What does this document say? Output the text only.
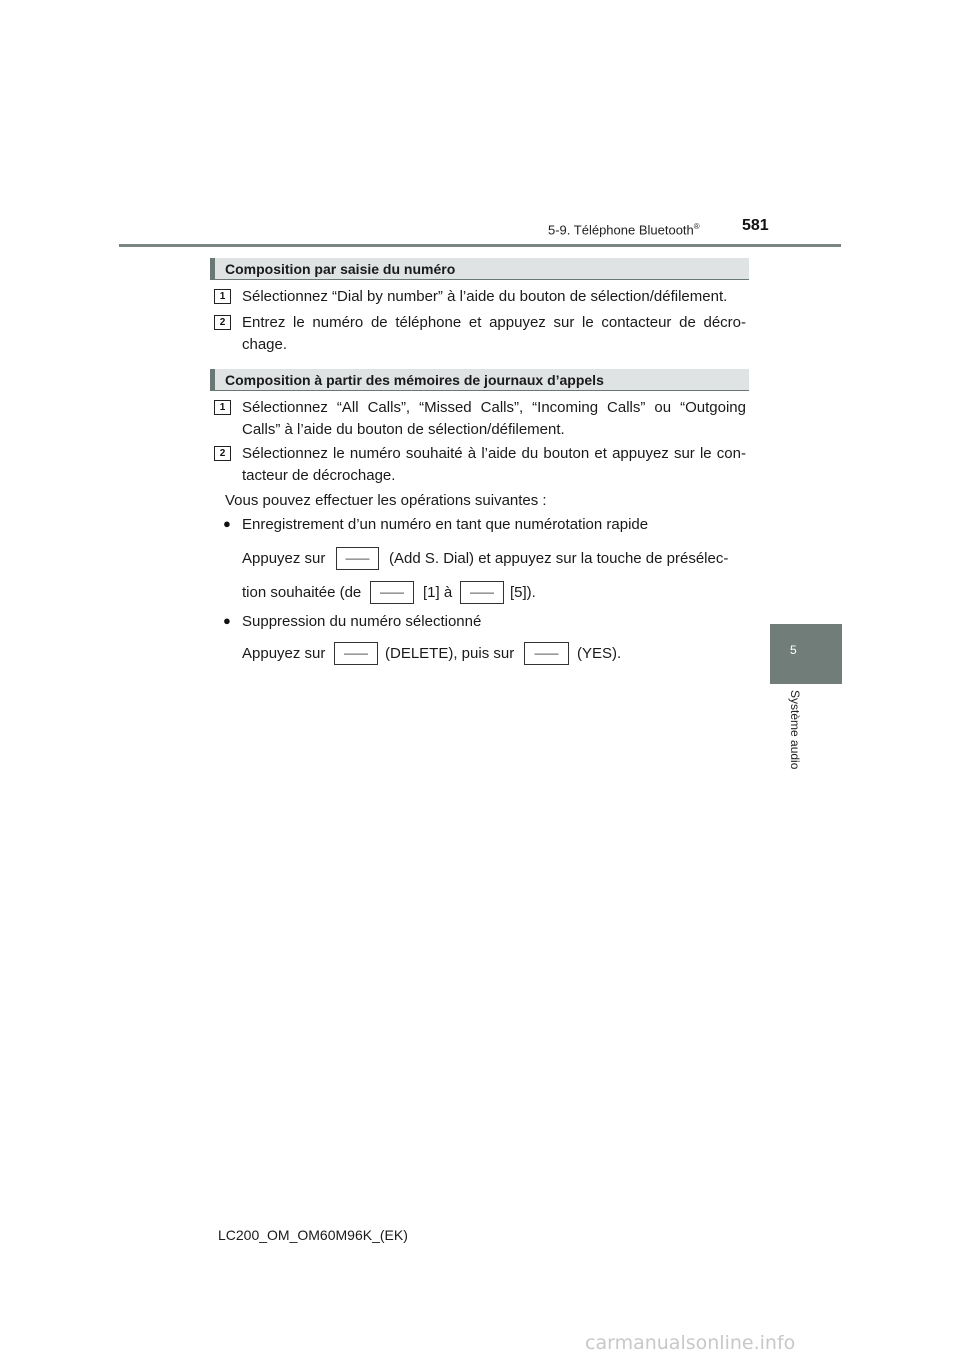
5-9. Téléphone Bluetooth®	581
5
Système audio
Composition par saisie du numéro
1	Sélectionnez “Dial by number” à l’aide du bouton de sélection/défilement.
2	Entrez le numéro de téléphone et appuyez sur le contacteur de décro-
chage.
Composition à partir des mémoires de journaux d’appels
1	Sélectionnez “All Calls”, “Missed Calls”, “Incoming Calls” ou “Outgoing
Calls” à l’aide du bouton de sélection/défilement.
2	Sélectionnez le numéro souhaité à l’aide du bouton et appuyez sur le con-
tacteur de décrochage.
Vous pouvez effectuer les opérations suivantes :
● Enregistrement d’un numéro en tant que numérotation rapide
Appuyez sur	——	(Add S. Dial) et appuyez sur la touche de présélec-
tion souhaitée (de	——	[1] à	——	[5]).
● Suppression du numéro sélectionné
Appuyez sur	——	(DELETE), puis sur	——	(YES).
LC200_OM_OM60M96K_(EK)
carmanualsonline.info
